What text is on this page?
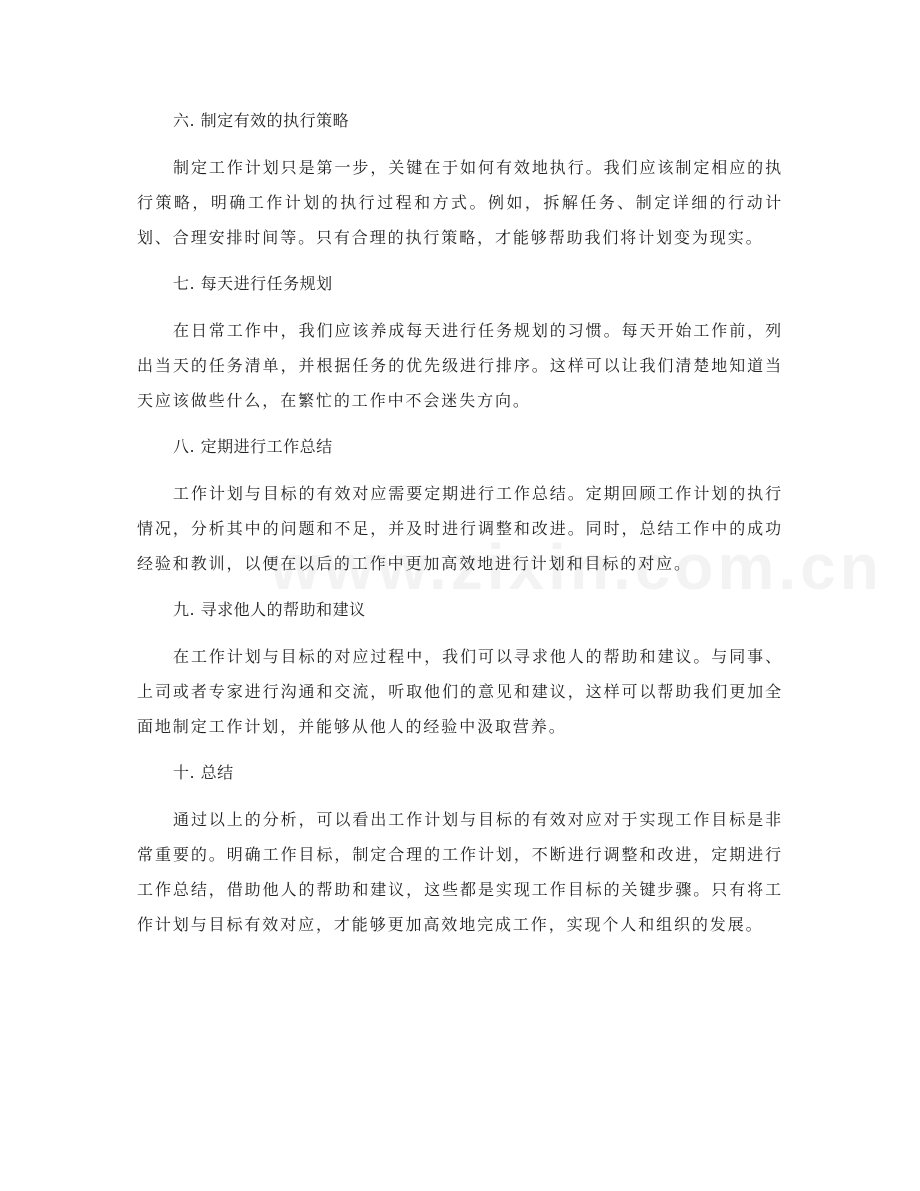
六. 制定有效的执行策略

制定工作计划只是第一步，关键在于如何有效地执行。我们应该制定相应的执行策略，明确工作计划的执行过程和方式。例如，拆解任务、制定详细的行动计划、合理安排时间等。只有合理的执行策略，才能够帮助我们将计划变为现实。

七. 每天进行任务规划

在日常工作中，我们应该养成每天进行任务规划的习惯。每天开始工作前，列出当天的任务清单，并根据任务的优先级进行排序。这样可以让我们清楚地知道当天应该做些什么，在繁忙的工作中不会迷失方向。

八. 定期进行工作总结

工作计划与目标的有效对应需要定期进行工作总结。定期回顾工作计划的执行情况，分析其中的问题和不足，并及时进行调整和改进。同时，总结工作中的成功经验和教训，以便在以后的工作中更加高效地进行计划和目标的对应。

九. 寻求他人的帮助和建议

在工作计划与目标的对应过程中，我们可以寻求他人的帮助和建议。与同事、上司或者专家进行沟通和交流，听取他们的意见和建议，这样可以帮助我们更加全面地制定工作计划，并能够从他人的经验中汲取营养。

十. 总结

通过以上的分析，可以看出工作计划与目标的有效对应对于实现工作目标是非常重要的。明确工作目标，制定合理的工作计划，不断进行调整和改进，定期进行工作总结，借助他人的帮助和建议，这些都是实现工作目标的关键步骤。只有将工作计划与目标有效对应，才能够更加高效地完成工作，实现个人和组织的发展。
